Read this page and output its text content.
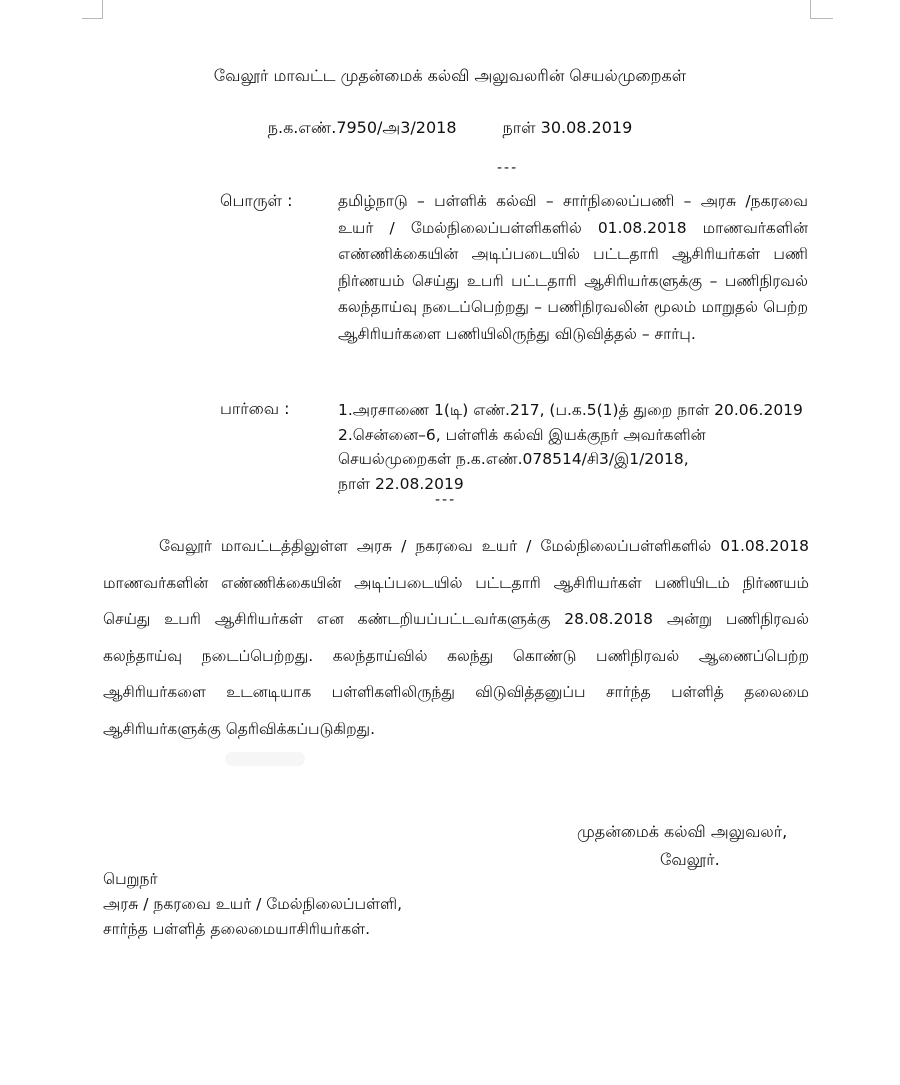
வேலூர் மாவட்ட முதன்மைக் கல்வி அலுவலரின் செயல்முறைகள்
ந.க.எண்.7950/அ3/2018	நாள் 30.08.2019
---
பொருள் :	தமிழ்நாடு – பள்ளிக் கல்வி – சார்நிலைப்பணி – அரசு /நகரவை உயர் / மேல்நிலைப்பள்ளிகளில் 01.08.2018 மாணவர்களின் எண்ணிக்கையின் அடிப்படையில் பட்டதாரி ஆசிரியர்கள் பணி நிர்ணயம் செய்து உபரி பட்டதாரி ஆசிரியர்களுக்கு – பணிநிரவல் கலந்தாய்வு நடைப்பெற்றது – பணிநிரவலின் மூலம் மாறுதல் பெற்ற ஆசிரியர்களை பணியிலிருந்து விடுவித்தல் – சார்பு.
பார்வை :	1.அரசாணை 1(டி) எண்.217, (ப.க.5(1)த் துறை நாள் 20.06.2019
2.சென்னை–6, பள்ளிக் கல்வி இயக்குநர் அவர்களின்
செயல்முறைகள் ந.க.எண்.078514/சி3/இ1/2018,
நாள் 22.08.2019
---
வேலூர் மாவட்டத்திலுள்ள அரசு / நகரவை உயர் / மேல்நிலைப்பள்ளிகளில் 01.08.2018 மாணவர்களின் எண்ணிக்கையின் அடிப்படையில் பட்டதாரி ஆசிரியர்கள் பணியிடம் நிர்ணயம் செய்து உபரி ஆசிரியர்கள் என கண்டறியப்பட்டவர்களுக்கு 28.08.2018 அன்று பணிநிரவல் கலந்தாய்வு நடைப்பெற்றது. கலந்தாய்வில் கலந்து கொண்டு பணிநிரவல் ஆணைப்பெற்ற ஆசிரியர்களை உடனடியாக பள்ளிகளிலிருந்து விடுவித்தனுப்ப சார்ந்த பள்ளித் தலைமை ஆசிரியர்களுக்கு தெரிவிக்கப்படுகிறது.
முதன்மைக் கல்வி அலுவலர்,
வேலூர்.
பெறுநர்
அரசு / நகரவை உயர் / மேல்நிலைப்பள்ளி,
சார்ந்த பள்ளித் தலைமையாசிரியர்கள்.
